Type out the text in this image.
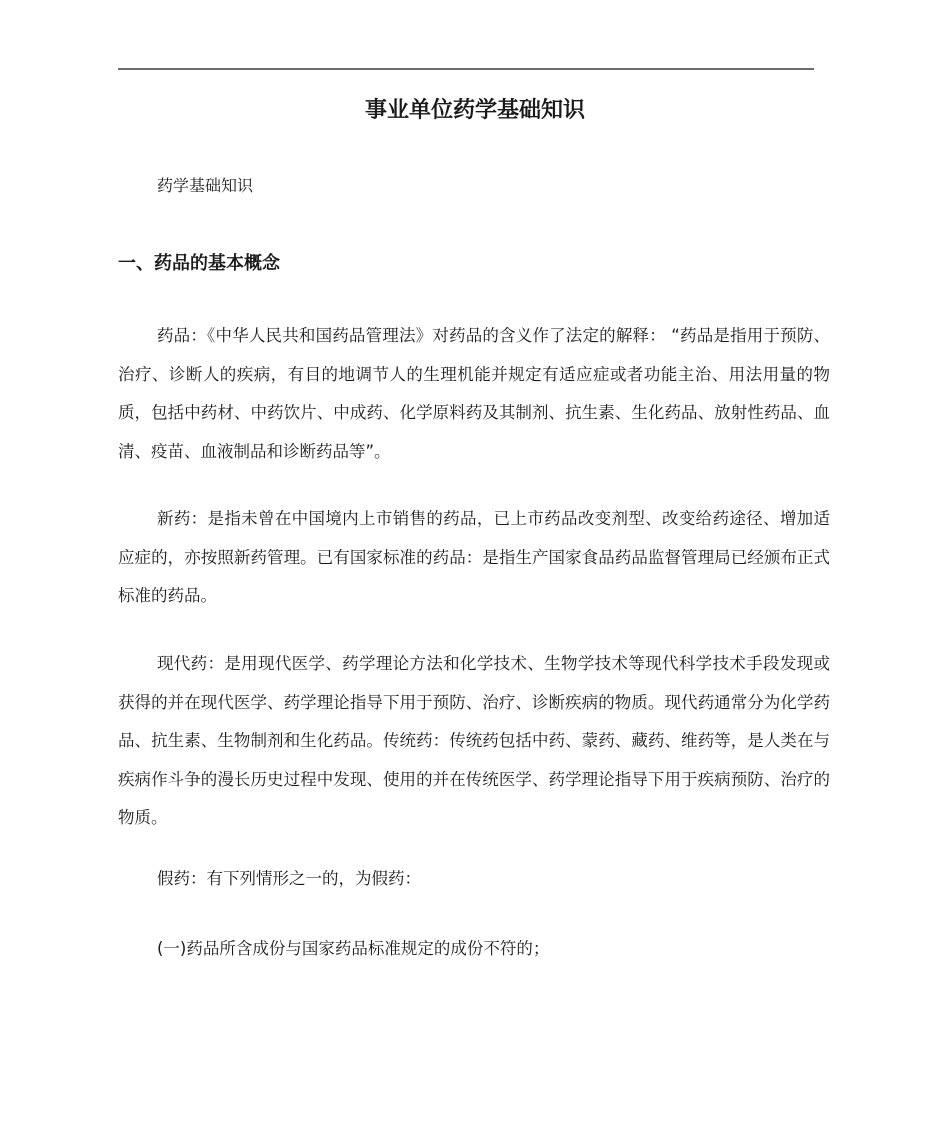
事业单位药学基础知识
药学基础知识
一、药品的基本概念

药品：《中华人民共和国药品管理法》对药品的含义作了法定的解释： “药品是指用于预防、治疗、诊断人的疾病，有目的地调节人的生理机能并规定有适应症或者功能主治、用法用量的物质，包括中药材、中药饮片、中成药、化学原料药及其制剂、抗生素、生化药品、放射性药品、血清、疫苗、血液制品和诊断药品等”。

新药：是指未曾在中国境内上市销售的药品，已上市药品改变剂型、改变给药途径、增加适应症的，亦按照新药管理。已有国家标准的药品：是指生产国家食品药品监督管理局已经颁布正式标准的药品。

现代药：是用现代医学、药学理论方法和化学技术、生物学技术等现代科学技术手段发现或获得的并在现代医学、药学理论指导下用于预防、治疗、诊断疾病的物质。现代药通常分为化学药品、抗生素、生物制剂和生化药品。传统药：传统药包括中药、蒙药、藏药、维药等，是人类在与疾病作斗争的漫长历史过程中发现、使用的并在传统医学、药学理论指导下用于疾病预防、治疗的物质。

假药：有下列情形之一的，为假药：

(一)药品所含成份与国家药品标准规定的成份不符的；
